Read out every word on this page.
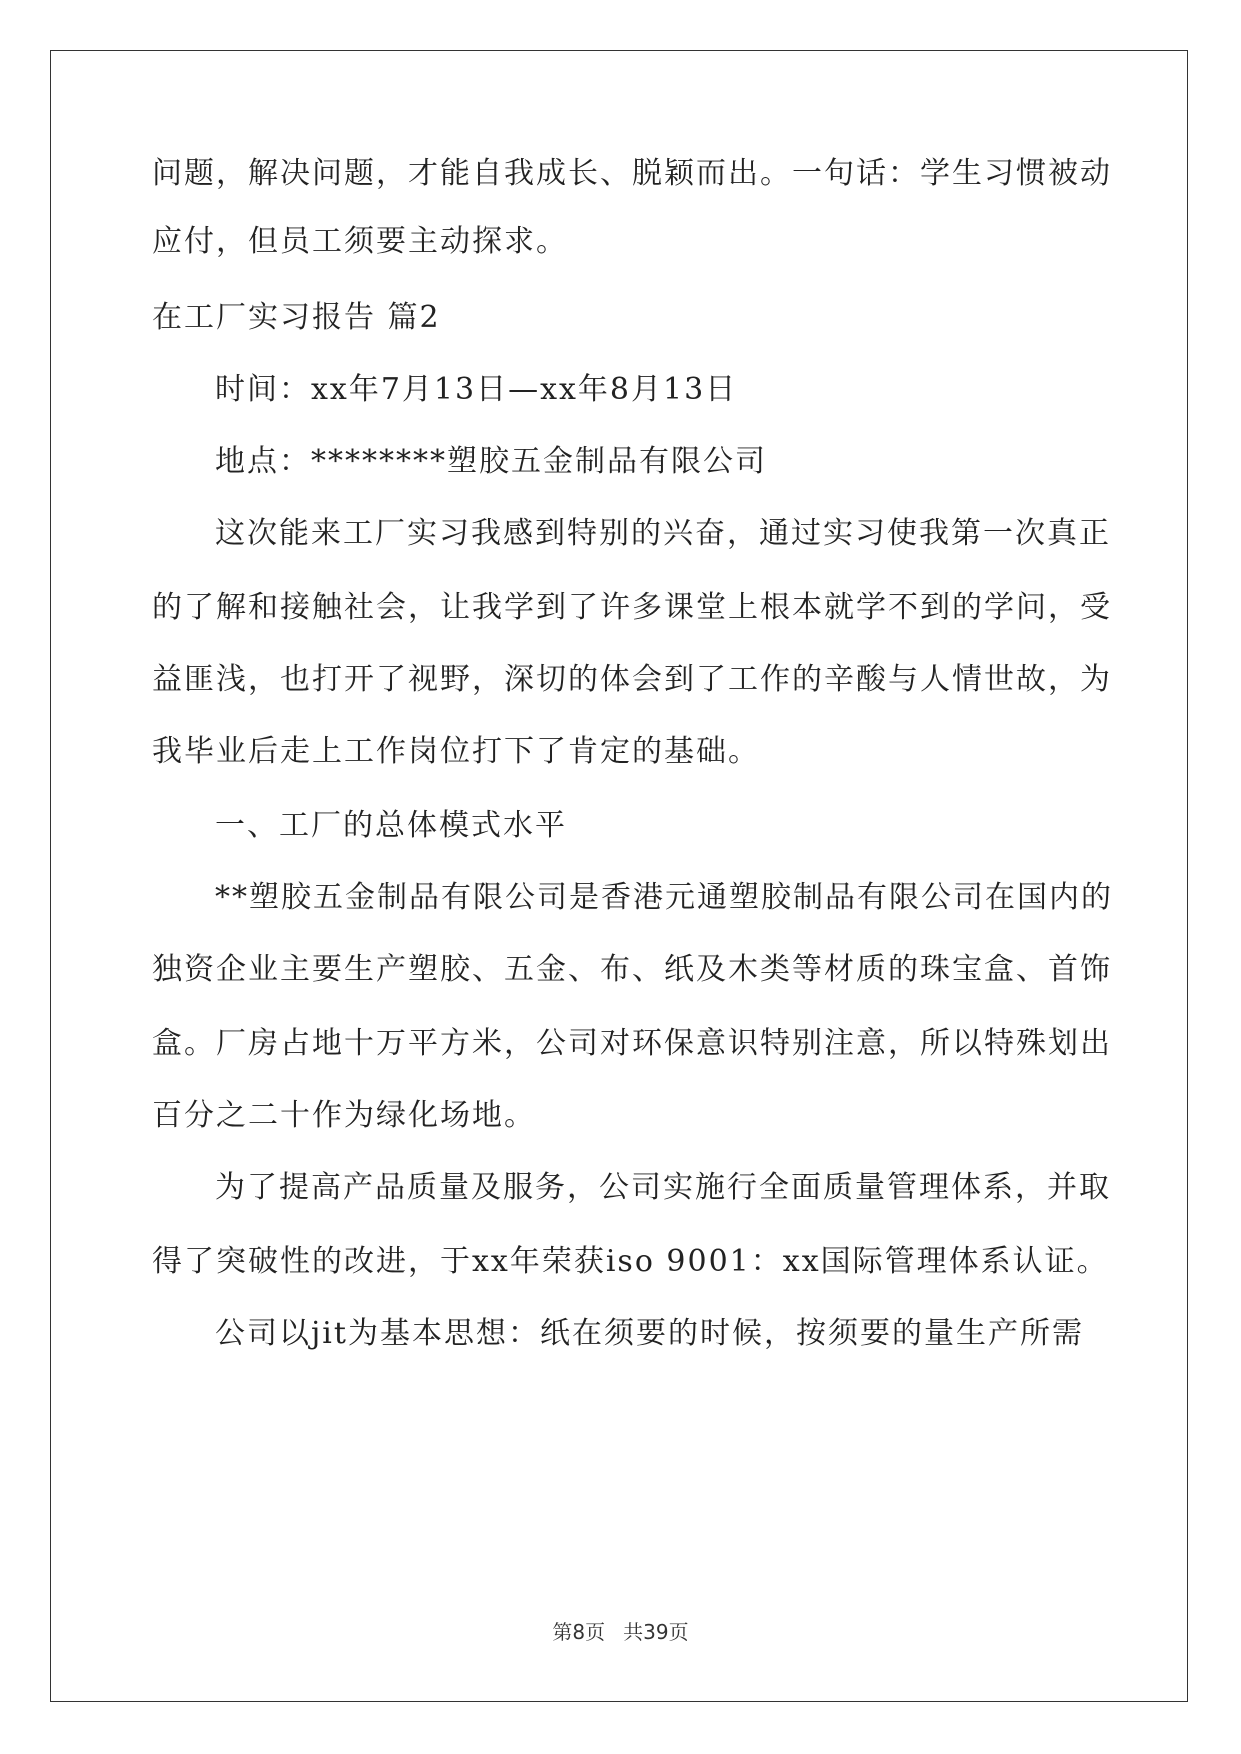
问题，解决问题，才能自我成长、脱颖而出。一句话：学生习惯被动
应付，但员工须要主动探求。
在工厂实习报告 篇2
时间：xx年7月13日—xx年8月13日
地点：********塑胶五金制品有限公司
这次能来工厂实习我感到特别的兴奋，通过实习使我第一次真正
的了解和接触社会，让我学到了许多课堂上根本就学不到的学问，受
益匪浅，也打开了视野，深切的体会到了工作的辛酸与人情世故，为
我毕业后走上工作岗位打下了肯定的基础。
一、工厂的总体模式水平
**塑胶五金制品有限公司是香港元通塑胶制品有限公司在国内的
独资企业主要生产塑胶、五金、布、纸及木类等材质的珠宝盒、首饰
盒。厂房占地十万平方米，公司对环保意识特别注意，所以特殊划出
百分之二十作为绿化场地。
为了提高产品质量及服务，公司实施行全面质量管理体系，并取
得了突破性的改进，于xx年荣获iso 9001：xx国际管理体系认证。
公司以jit为基本思想：纸在须要的时候，按须要的量生产所需
第8页 共39页
